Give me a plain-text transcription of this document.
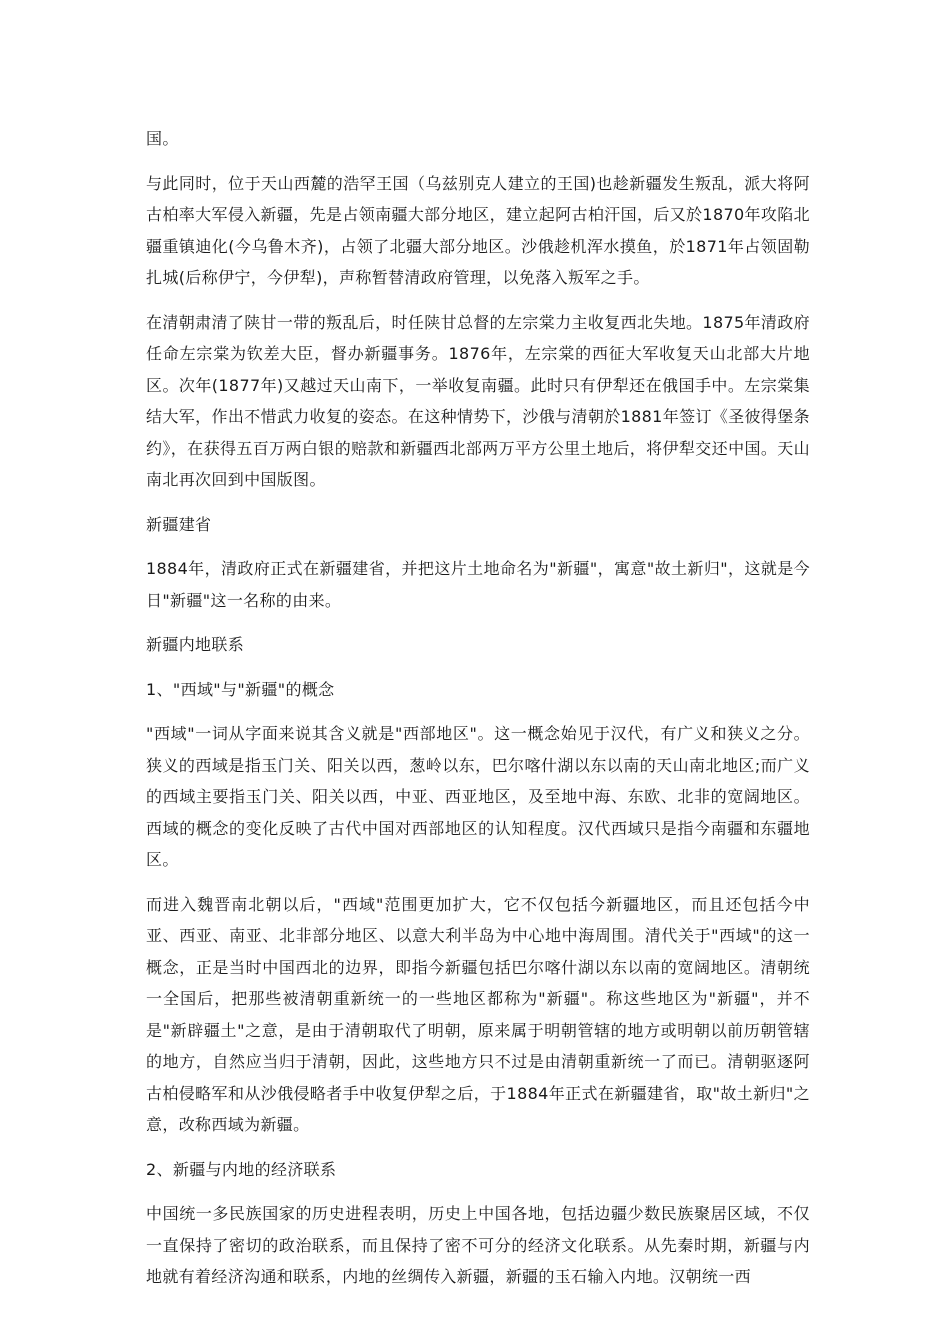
国。

与此同时，位于天山西麓的浩罕王国（乌兹别克人建立的王国)也趁新疆发生叛乱，派大将阿古柏率大军侵入新疆，先是占领南疆大部分地区，建立起阿古柏汗国，后又於1870年攻陷北疆重镇迪化(今乌鲁木齐)，占领了北疆大部分地区。沙俄趁机浑水摸鱼，於1871年占领固勒扎城(后称伊宁，今伊犁)，声称暂替清政府管理，以免落入叛军之手。

在清朝肃清了陕甘一带的叛乱后，时任陕甘总督的左宗棠力主收复西北失地。1875年清政府任命左宗棠为钦差大臣，督办新疆事务。1876年，左宗棠的西征大军收复天山北部大片地区。次年(1877年)又越过天山南下，一举收复南疆。此时只有伊犁还在俄国手中。左宗棠集结大军，作出不惜武力收复的姿态。在这种情势下，沙俄与清朝於1881年签订《圣彼得堡条约》，在获得五百万两白银的赔款和新疆西北部两万平方公里土地后，将伊犁交还中国。天山南北再次回到中国版图。

新疆建省

1884年，清政府正式在新疆建省，并把这片土地命名为"新疆"，寓意"故土新归"，这就是今日"新疆"这一名称的由来。

新疆内地联系

1、"西域"与"新疆"的概念

"西域"一词从字面来说其含义就是"西部地区"。这一概念始见于汉代，有广义和狭义之分。狭义的西域是指玉门关、阳关以西，葱岭以东，巴尔喀什湖以东以南的天山南北地区;而广义的西域主要指玉门关、阳关以西，中亚、西亚地区，及至地中海、东欧、北非的宽阔地区。西域的概念的变化反映了古代中国对西部地区的认知程度。汉代西域只是指今南疆和东疆地区。

而进入魏晋南北朝以后，"西域"范围更加扩大，它不仅包括今新疆地区，而且还包括今中亚、西亚、南亚、北非部分地区、以意大利半岛为中心地中海周围。清代关于"西域"的这一概念，正是当时中国西北的边界，即指今新疆包括巴尔喀什湖以东以南的宽阔地区。清朝统一全国后，把那些被清朝重新统一的一些地区都称为"新疆"。称这些地区为"新疆"，并不是"新辟疆土"之意，是由于清朝取代了明朝，原来属于明朝管辖的地方或明朝以前历朝管辖的地方，自然应当归于清朝，因此，这些地方只不过是由清朝重新统一了而已。清朝驱逐阿古柏侵略军和从沙俄侵略者手中收复伊犁之后，于1884年正式在新疆建省，取"故土新归"之意，改称西域为新疆。

2、新疆与内地的经济联系

中国统一多民族国家的历史进程表明，历史上中国各地，包括边疆少数民族聚居区域，不仅一直保持了密切的政治联系，而且保持了密不可分的经济文化联系。从先秦时期，新疆与内地就有着经济沟通和联系，内地的丝绸传入新疆，新疆的玉石输入内地。汉朝统一西
